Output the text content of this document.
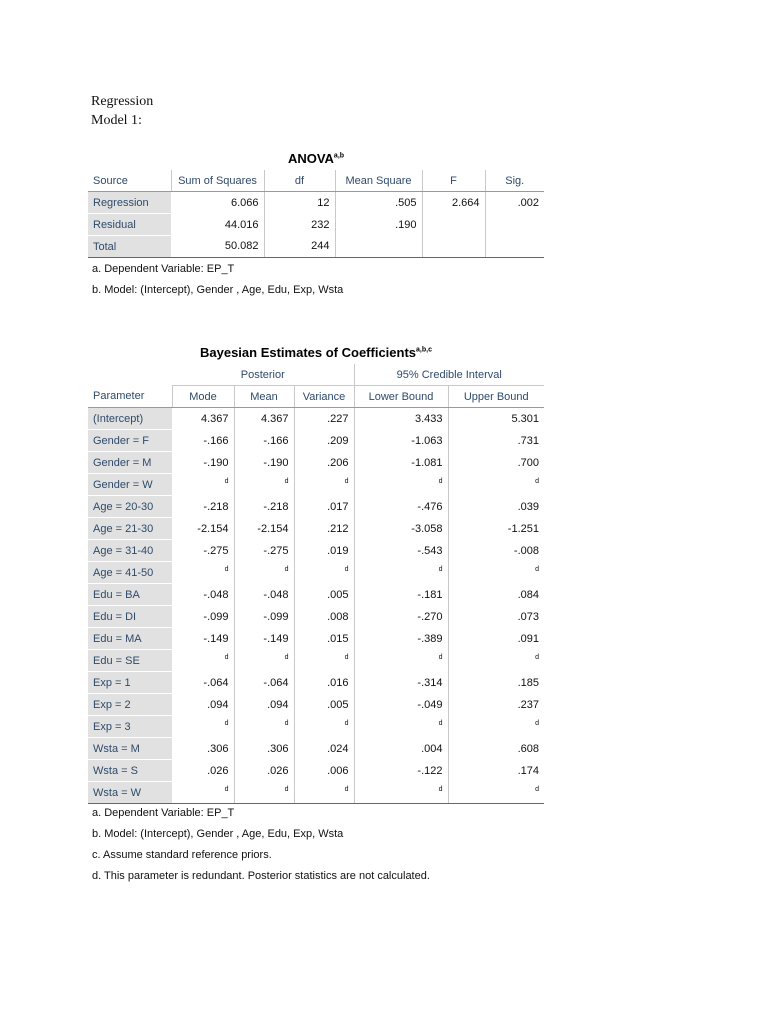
Regression
Model 1:
ANOVA$^{a,b}$
Source	Sum of Squares	df	Mean Square	F	Sig.
Regression	6.066	12	.505	2.664	.002
Residual	44.016	232	.190		
Total	50.082	244			
a. Dependent Variable: EP_T
b. Model: (Intercept), Gender , Age, Edu, Exp, Wsta
Bayesian Estimates of Coefficients$^{a,b,c}$
	Posterior			95% Credible Interval	
Parameter	Mode	Mean	Variance	Lower Bound	Upper Bound
(Intercept)	4.367	4.367	.227	3.433	5.301
Gender = F	-.166	-.166	.209	-1.063	.731
Gender = M	-.190	-.190	.206	-1.081	.700
Gender = W	$^d$	$^d$	$^d$	$^d$	$^d$
Age = 20-30	-.218	-.218	.017	-.476	.039
Age = 21-30	-2.154	-2.154	.212	-3.058	-1.251
Age = 31-40	-.275	-.275	.019	-.543	-.008
Age = 41-50	$^d$	$^d$	$^d$	$^d$	$^d$
Edu = BA	-.048	-.048	.005	-.181	.084
Edu = DI	-.099	-.099	.008	-.270	.073
Edu = MA	-.149	-.149	.015	-.389	.091
Edu = SE	$^d$	$^d$	$^d$	$^d$	$^d$
Exp = 1	-.064	-.064	.016	-.314	.185
Exp = 2	.094	.094	.005	-.049	.237
Exp = 3	$^d$	$^d$	$^d$	$^d$	$^d$
Wsta = M	.306	.306	.024	.004	.608
Wsta = S	.026	.026	.006	-.122	.174
Wsta = W	$^d$	$^d$	$^d$	$^d$	$^d$
a. Dependent Variable: EP_T
b. Model: (Intercept), Gender , Age, Edu, Exp, Wsta
c. Assume standard reference priors.
d. This parameter is redundant. Posterior statistics are not calculated.
